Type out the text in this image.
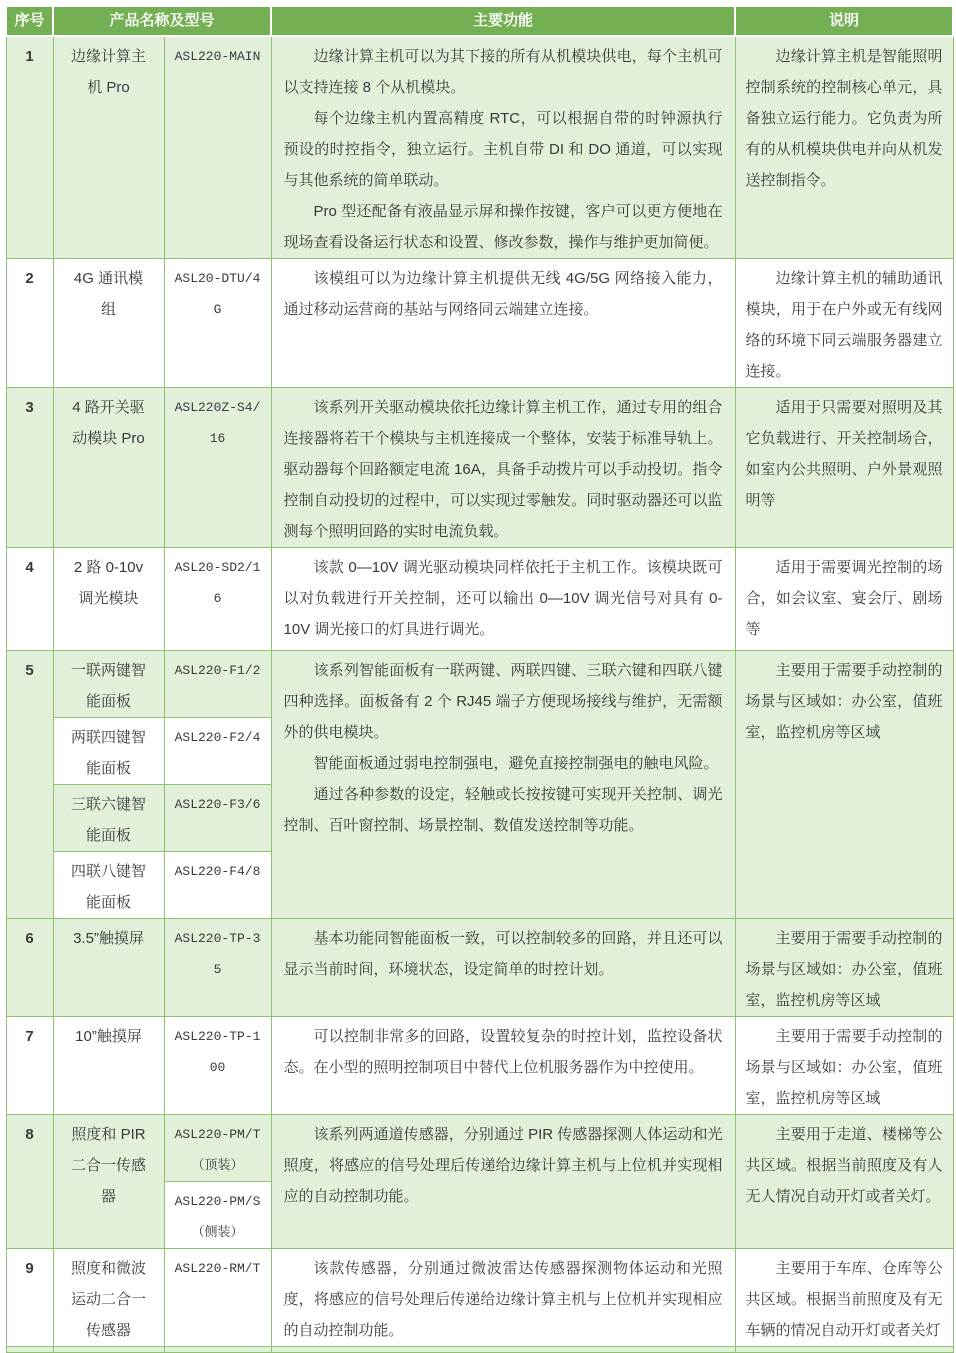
序号	产品名称及型号		主要功能	说明
1	边缘计算主机 Pro	ASL220-MAIN	边缘计算主机可以为其下接的所有从机模块供电，每个主机可以支持连接 8 个从机模块。

每个边缘主机内置高精度 RTC，可以根据自带的时钟源执行预设的时控指令，独立运行。主机自带 DI 和 DO 通道，可以实现与其他系统的简单联动。

Pro 型还配备有液晶显示屏和操作按键，客户可以更方便地在现场查看设备运行状态和设置、修改参数，操作与维护更加简便。	边缘计算主机是智能照明控制系统的控制核心单元，具备独立运行能力。它负责为所有的从机模块供电并向从机发送控制指令。

2	4G 通讯模组	ASL20-DTU/4G	该模组可以为边缘计算主机提供无线 4G/5G 网络接入能力，通过移动运营商的基站与网络同云端建立连接。	边缘计算主机的辅助通讯模块，用于在户外或无有线网络的环境下同云端服务器建立连接。

3	4 路开关驱动模块 Pro	ASL220Z-S4/16	该系列开关驱动模块依托边缘计算主机工作，通过专用的组合连接器将若干个模块与主机连接成一个整体，安装于标准导轨上。驱动器每个回路额定电流 16A，具备手动拨片可以手动投切。指令控制自动投切的过程中，可以实现过零触发。同时驱动器还可以监测每个照明回路的实时电流负载。	适用于只需要对照明及其它负载进行、开关控制场合，如室内公共照明、户外景观照明等

4	2 路 0-10v 调光模块	ASL20-SD2/16	该款 0—10V 调光驱动模块同样依托于主机工作。该模块既可以对负载进行开关控制，还可以输出 0—10V 调光信号对具有 0-10V 调光接口的灯具进行调光。	适用于需要调光控制的场合，如会议室、宴会厅、剧场等

5	一联两键智能面板	ASL220-F1/2	该系列智能面板有一联两键、两联四键、三联六键和四联八键四种选择。面板备有 2 个 RJ45 端子方便现场接线与维护，无需额外的供电模块。

智能面板通过弱电控制强电，避免直接控制强电的触电风险。

通过各种参数的设定，轻触或长按按键可实现开关控制、调光控制、百叶窗控制、场景控制、数值发送控制等功能。	主要用于需要手动控制的场景与区域如：办公室，值班室，监控机房等区域

	两联四键智能面板	ASL220-F2/4		
	三联六键智能面板	ASL220-F3/6		
	四联八键智能面板	ASL220-F4/8		
6	3.5”触摸屏	ASL220-TP-35	基本功能同智能面板一致，可以控制较多的回路，并且还可以显示当前时间，环境状态，设定简单的时控计划。	主要用于需要手动控制的场景与区域如：办公室，值班室，监控机房等区域

7	10”触摸屏	ASL220-TP-100	可以控制非常多的回路，设置较复杂的时控计划，监控设备状态。在小型的照明控制项目中替代上位机服务器作为中控使用。	主要用于需要手动控制的场景与区域如：办公室，值班室，监控机房等区域

8	照度和 PIR 二合一传感器	ASL220-PM/T（顶装）	该系列两通道传感器，分别通过 PIR 传感器探测人体运动和光照度，将感应的信号处理后传递给边缘计算主机与上位机并实现相应的自动控制功能。	主要用于走道、楼梯等公共区域。根据当前照度及有人无人情况自动开灯或者关灯。

		ASL220-PM/S（侧装）		
9	照度和微波运动二合一传感器	ASL220-RM/T	该款传感器，分别通过微波雷达传感器探测物体运动和光照度，将感应的信号处理后传递给边缘计算主机与上位机并实现相应的自动控制功能。	主要用于车库、仓库等公共区域。根据当前照度及有无车辆的情况自动开灯或者关灯
